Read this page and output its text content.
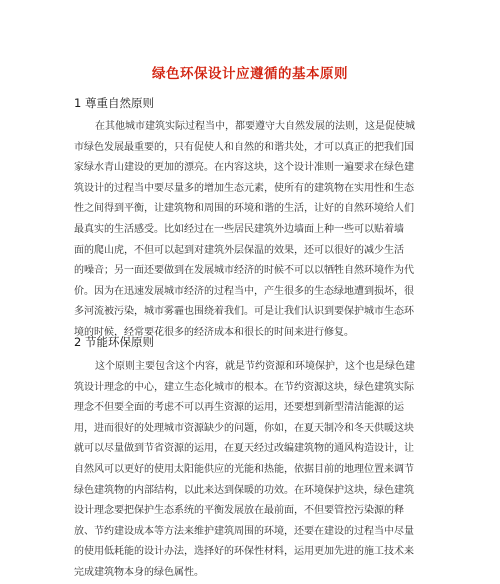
绿色环保设计应遵循的基本原则
1 尊重自然原则
在其他城市建筑实际过程当中，都要遵守大自然发展的法则，这是促使城
市绿色发展最重要的，只有促使人和自然的和谐共处，才可以真正的把我们国
家绿水青山建设的更加的漂亮。在内容这块，这个设计准则一遍要求在绿色建
筑设计的过程当中要尽量多的增加生态元素，使所有的建筑物在实用性和生态
性之间得到平衡，让建筑物和周围的环境和谐的生活，让好的自然环境给人们
最真实的生活感受。比如经过在一些居民建筑外边墙面上种一些可以贴着墙
面的爬山虎，不但可以起到对建筑外层保温的效果，还可以很好的减少生活
的噪音；另一面还要做到在发展城市经济的时候不可以以牺牲自然环境作为代
价。因为在迅速发展城市经济的过程当中，产生很多的生态绿地遭到损坏，很
多河流被污染，城市雾霾也围绕着我们。可是让我们认识到要保护城市生态环
境的时候，经常要花很多的经济成本和很长的时间来进行修复。
2 节能环保原则
这个原则主要包含这个内容，就是节约资源和环境保护，这个也是绿色建
筑设计理念的中心，建立生态化城市的根本。在节约资源这块，绿色建筑实际
理念不但要全面的考虑不可以再生资源的运用，还要想到新型清洁能源的运
用，进而很好的处理城市资源缺少的问题，你如，在夏天制冷和冬天供暖这块
就可以尽量做到节省资源的运用，在夏天经过改编建筑物的通风构造设计，让
自然风可以更好的使用太阳能供应的光能和热能，依据目前的地理位置来调节
绿色建筑物的内部结构，以此来达到保暖的功效。在环境保护这块，绿色建筑
设计理念要把保护生态系统的平衡发展放在最前面，不但要管控污染源的释
放、节约建设成本等方法来维护建筑周围的环境，还要在建设的过程当中尽量
的使用低耗能的设计办法，选择好的环保性材料，运用更加先进的施工技术来
完成建筑物本身的绿色属性。
